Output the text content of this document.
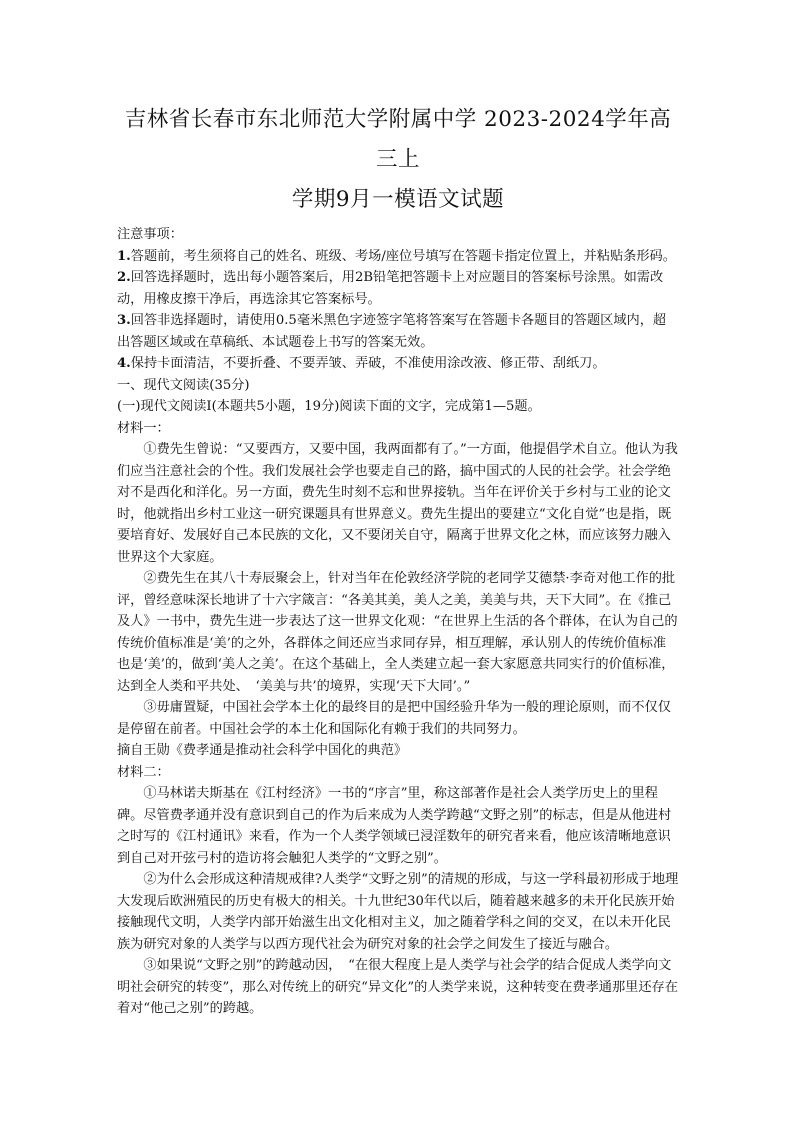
吉林省长春市东北师范大学附属中学 2023-2024学年高三上
学期9月一模语文试题

注意事项：

1.答题前，考生须将自己的姓名、班级、考场/座位号填写在答题卡指定位置上，并粘贴条形码。

2.回答选择题时，选出每小题答案后，用2B铅笔把答题卡上对应题目的答案标号涂黑。如需改动，用橡皮擦干净后，再选涂其它答案标号。

3.回答非选择题时，请使用0.5毫米黑色字迹签字笔将答案写在答题卡各题目的答题区域内，超出答题区域或在草稿纸、本试题卷上书写的答案无效。

4.保持卡面清洁，不要折叠、不要弄皱、弄破，不准使用涂改液、修正带、刮纸刀。

一、现代文阅读(35分)

(一)现代文阅读Ⅰ(本题共5小题，19分)阅读下面的文字，完成第1—5题。

材料一：

①费先生曾说：“又要西方，又要中国，我两面都有了。”一方面，他提倡学术自立。他认为我们应当注意社会的个性。我们发展社会学也要走自己的路，搞中国式的人民的社会学。社会学绝对不是西化和洋化。另一方面，费先生时刻不忘和世界接轨。当年在评价关于乡村与工业的论文时，他就指出乡村工业这一研究课题具有世界意义。费先生提出的要建立“文化自觉”也是指，既要培育好、发展好自己本民族的文化，又不要闭关自守，隔离于世界文化之林，而应该努力融入世界这个大家庭。

②费先生在其八十寿辰聚会上，针对当年在伦敦经济学院的老同学艾德禁·李奇对他工作的批评，曾经意味深长地讲了十六字箴言：“各美其美，美人之美，美美与共，天下大同”。在《推己及人》一书中，费先生进一步表达了这一世界文化观：“在世界上生活的各个群体，在认为自己的传统价值标准是‘美’的之外，各群体之间还应当求同存异，相互理解，承认别人的传统价值标准也是‘美’的，做到‘美人之美’。在这个基础上，全人类建立起一套大家愿意共同实行的价值标准，达到全人类和平共处、　‘美美与共’的境界，实现‘天下大同’。”

③毋庸置疑，中国社会学本土化的最终目的是把中国经验升华为一般的理论原则，而不仅仅是停留在前者。中国社会学的本土化和国际化有赖于我们的共同努力。

摘自王勋《费孝通是推动社会科学中国化的典范》

材料二：

①马林诺夫斯基在《江村经济》一书的“序言”里，称这部著作是社会人类学历史上的里程碑。尽管费孝通并没有意识到自己的作为后来成为人类学跨越“文野之别”的标志，但是从他进村之时写的《江村通讯》来看，作为一个人类学领域已浸淫数年的研究者来看，他应该清晰地意识到自己对开弦弓村的造访将会触犯人类学的“文野之别”。

②为什么会形成这种清规戒律?人类学“文野之别”的清规的形成，与这一学科最初形成于地理大发现后欧洲殖民的历史有极大的相关。十九世纪30年代以后，随着越来越多的未开化民族开始接触现代文明，人类学内部开始滋生出文化相对主义，加之随着学科之间的交叉，在以未开化民族为研究对象的人类学与以西方现代社会为研究对象的社会学之间发生了接近与融合。

③如果说“文野之别”的跨越动因，　“在很大程度上是人类学与社会学的结合促成人类学向文明社会研究的转变”，那么对传统上的研究“异文化”的人类学来说，这种转变在费孝通那里还存在着对“他己之别”的跨越。
